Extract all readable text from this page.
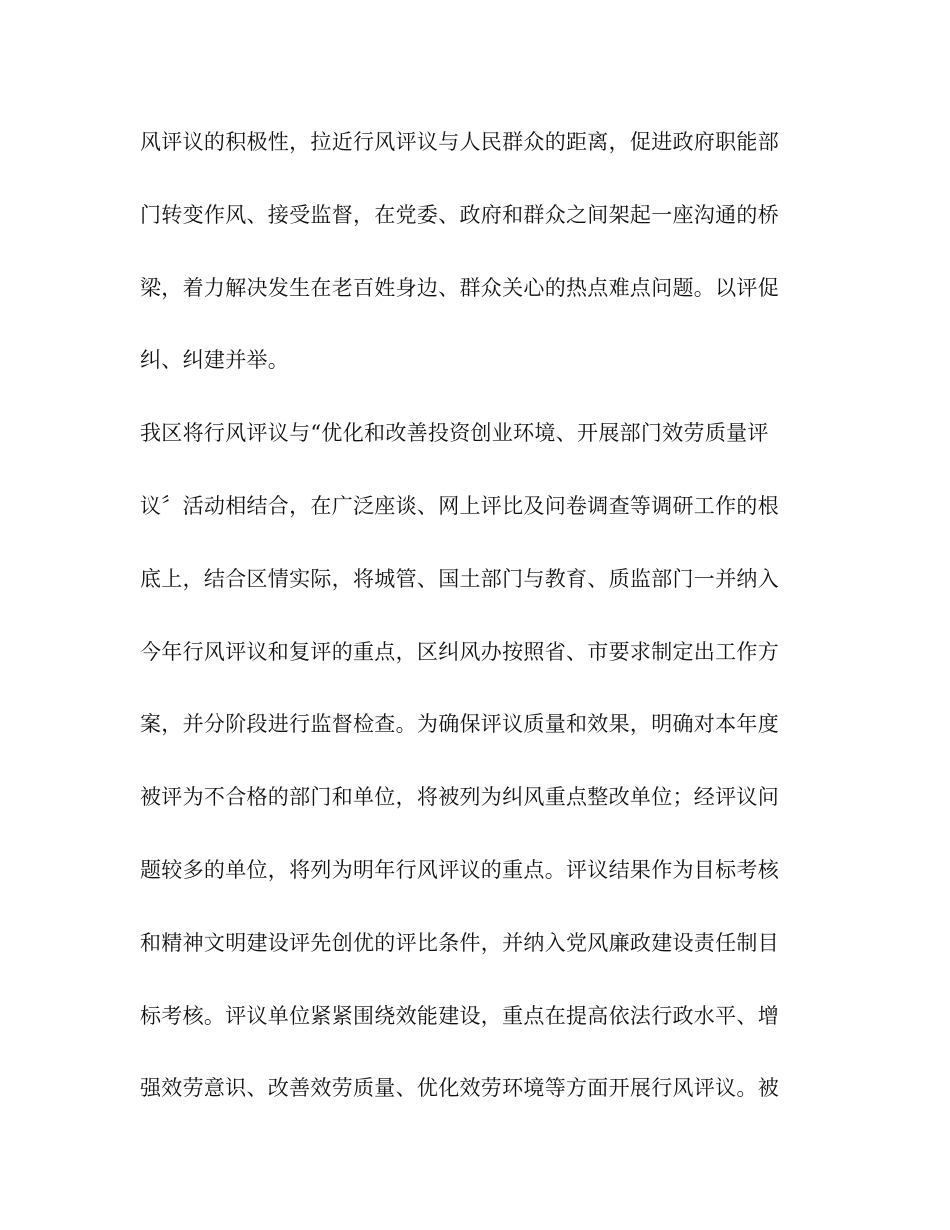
风评议的积极性，拉近行风评议与人民群众的距离，促进政府职能部
门转变作风、接受监督，在党委、政府和群众之间架起一座沟通的桥
梁，着力解决发生在老百姓身边、群众关心的热点难点问题。以评促
纠、纠建并举。
我区将行风评议与“优化和改善投资创业环境、开展部门效劳质量评
议〞活动相结合，在广泛座谈、网上评比及问卷调查等调研工作的根
底上，结合区情实际，将城管、国土部门与教育、质监部门一并纳入
今年行风评议和复评的重点，区纠风办按照省、市要求制定出工作方
案，并分阶段进行监督检查。为确保评议质量和效果，明确对本年度
被评为不合格的部门和单位，将被列为纠风重点整改单位；经评议问
题较多的单位，将列为明年行风评议的重点。评议结果作为目标考核
和精神文明建设评先创优的评比条件，并纳入党风廉政建设责任制目
标考核。评议单位紧紧围绕效能建设，重点在提高依法行政水平、增
强效劳意识、改善效劳质量、优化效劳环境等方面开展行风评议。被
